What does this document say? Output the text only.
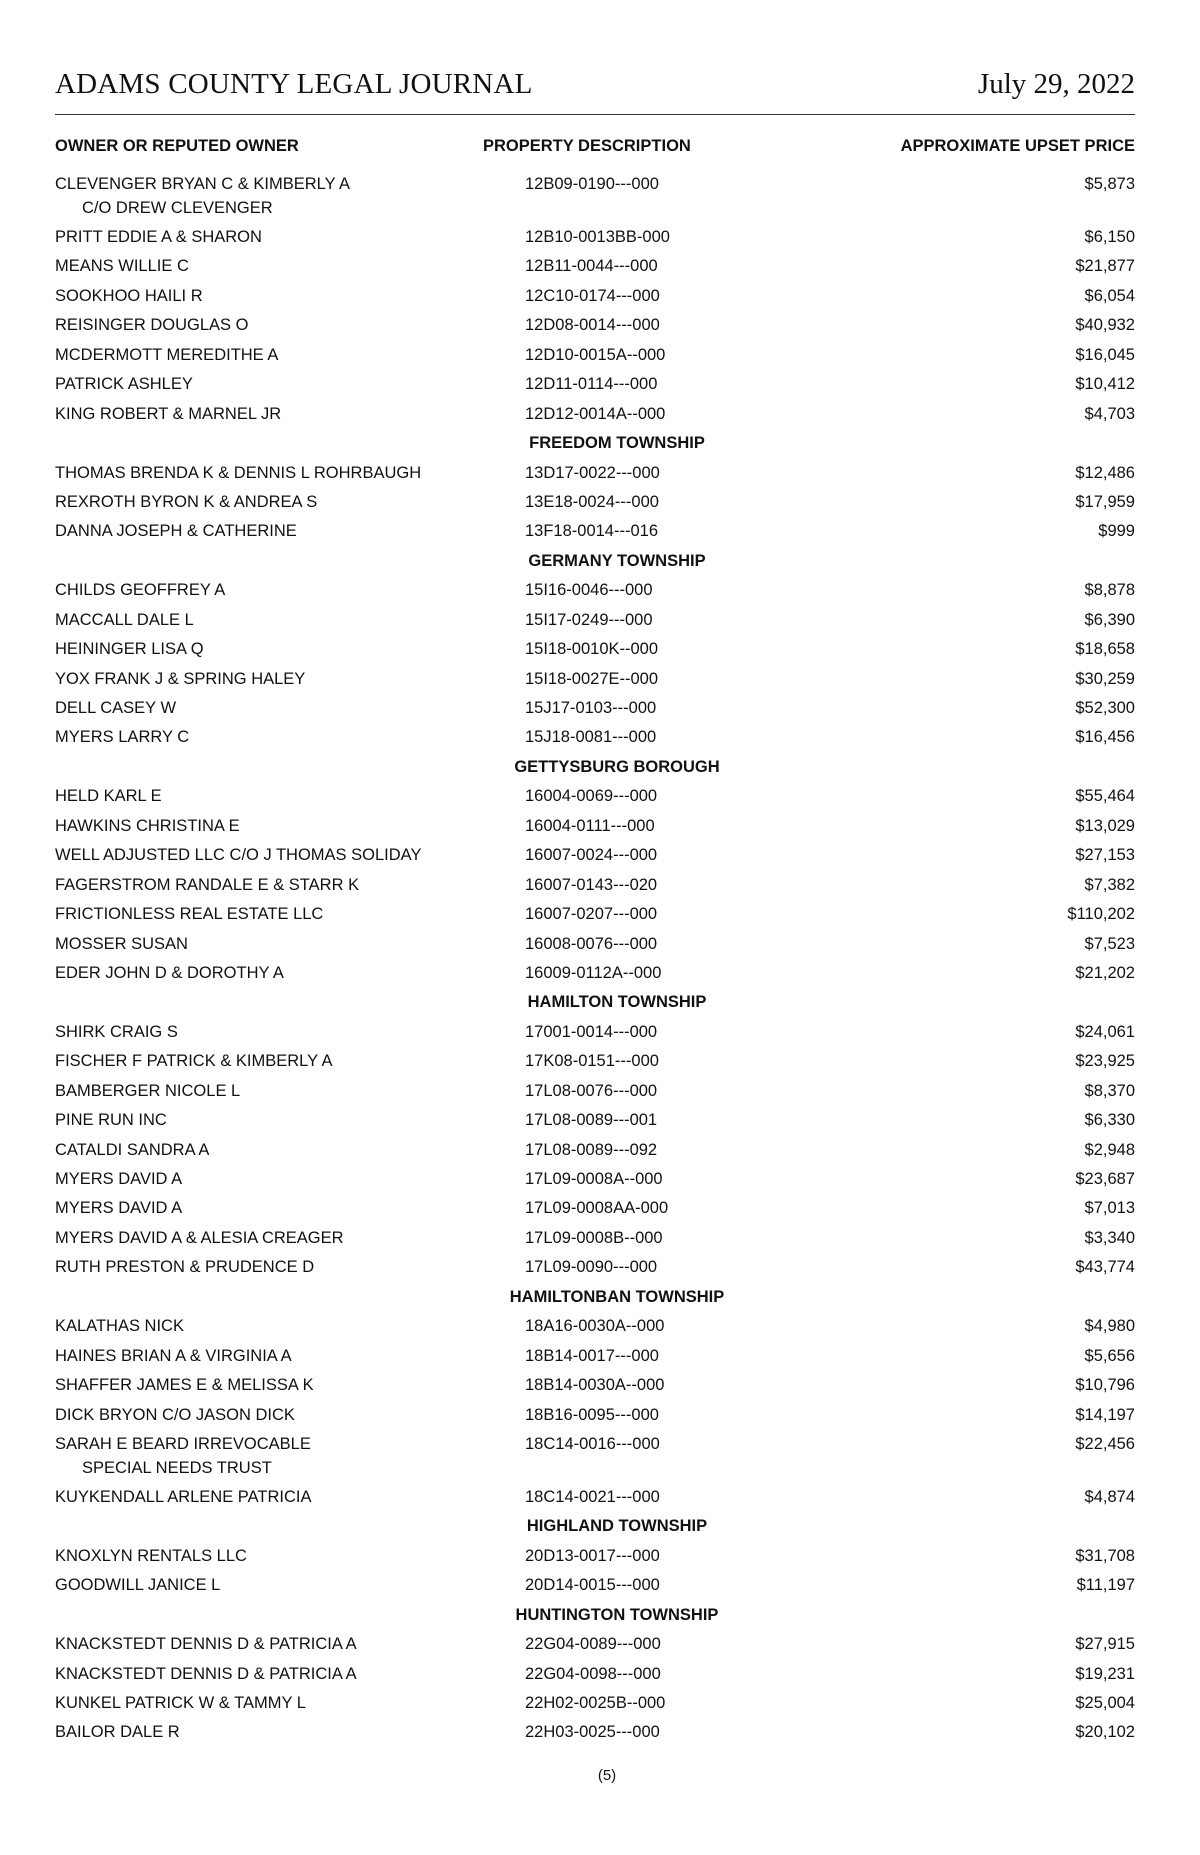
ADAMS COUNTY LEGAL JOURNAL	July 29, 2022
OWNER OR REPUTED OWNER	PROPERTY DESCRIPTION	APPROXIMATE UPSET PRICE
CLEVENGER BRYAN C & KIMBERLY A
C/O DREW CLEVENGER
12B09-0190---000	$5,873
PRITT EDDIE A & SHARON	12B10-0013BB-000	$6,150
MEANS WILLIE C	12B11-0044---000	$21,877
SOOKHOO HAILI R	12C10-0174---000	$6,054
REISINGER DOUGLAS O	12D08-0014---000	$40,932
MCDERMOTT MEREDITHE A	12D10-0015A--000	$16,045
PATRICK ASHLEY	12D11-0114---000	$10,412
KING ROBERT & MARNEL JR	12D12-0014A--000	$4,703
FREEDOM TOWNSHIP
THOMAS BRENDA K & DENNIS L ROHRBAUGH	13D17-0022---000	$12,486
REXROTH BYRON K & ANDREA S	13E18-0024---000	$17,959
DANNA JOSEPH & CATHERINE	13F18-0014---016	$999
GERMANY TOWNSHIP
CHILDS GEOFFREY A	15I16-0046---000	$8,878
MACCALL DALE L	15I17-0249---000	$6,390
HEININGER LISA Q	15I18-0010K--000	$18,658
YOX FRANK J & SPRING HALEY	15I18-0027E--000	$30,259
DELL CASEY W	15J17-0103---000	$52,300
MYERS LARRY C	15J18-0081---000	$16,456
GETTYSBURG BOROUGH
HELD KARL E	16004-0069---000	$55,464
HAWKINS CHRISTINA E	16004-0111---000	$13,029
WELL ADJUSTED LLC C/O J THOMAS SOLIDAY	16007-0024---000	$27,153
FAGERSTROM RANDALE E & STARR K	16007-0143---020	$7,382
FRICTIONLESS REAL ESTATE LLC	16007-0207---000	$110,202
MOSSER SUSAN	16008-0076---000	$7,523
EDER JOHN D & DOROTHY A	16009-0112A--000	$21,202
HAMILTON TOWNSHIP
SHIRK CRAIG S	17001-0014---000	$24,061
FISCHER F PATRICK & KIMBERLY A	17K08-0151---000	$23,925
BAMBERGER NICOLE L	17L08-0076---000	$8,370
PINE RUN INC	17L08-0089---001	$6,330
CATALDI SANDRA A	17L08-0089---092	$2,948
MYERS DAVID A	17L09-0008A--000	$23,687
MYERS DAVID A	17L09-0008AA-000	$7,013
MYERS DAVID A & ALESIA CREAGER	17L09-0008B--000	$3,340
RUTH PRESTON & PRUDENCE D	17L09-0090---000	$43,774
HAMILTONBAN TOWNSHIP
KALATHAS NICK	18A16-0030A--000	$4,980
HAINES BRIAN A & VIRGINIA A	18B14-0017---000	$5,656
SHAFFER JAMES E & MELISSA K	18B14-0030A--000	$10,796
DICK BRYON C/O JASON DICK	18B16-0095---000	$14,197
SARAH E BEARD IRREVOCABLE
SPECIAL NEEDS TRUST
18C14-0016---000	$22,456
KUYKENDALL ARLENE PATRICIA	18C14-0021---000	$4,874
HIGHLAND TOWNSHIP
KNOXLYN RENTALS LLC	20D13-0017---000	$31,708
GOODWILL JANICE L	20D14-0015---000	$11,197
HUNTINGTON TOWNSHIP
KNACKSTEDT DENNIS D & PATRICIA A	22G04-0089---000	$27,915
KNACKSTEDT DENNIS D & PATRICIA A	22G04-0098---000	$19,231
KUNKEL PATRICK W & TAMMY L	22H02-0025B--000	$25,004
BAILOR DALE R	22H03-0025---000	$20,102
(5)
